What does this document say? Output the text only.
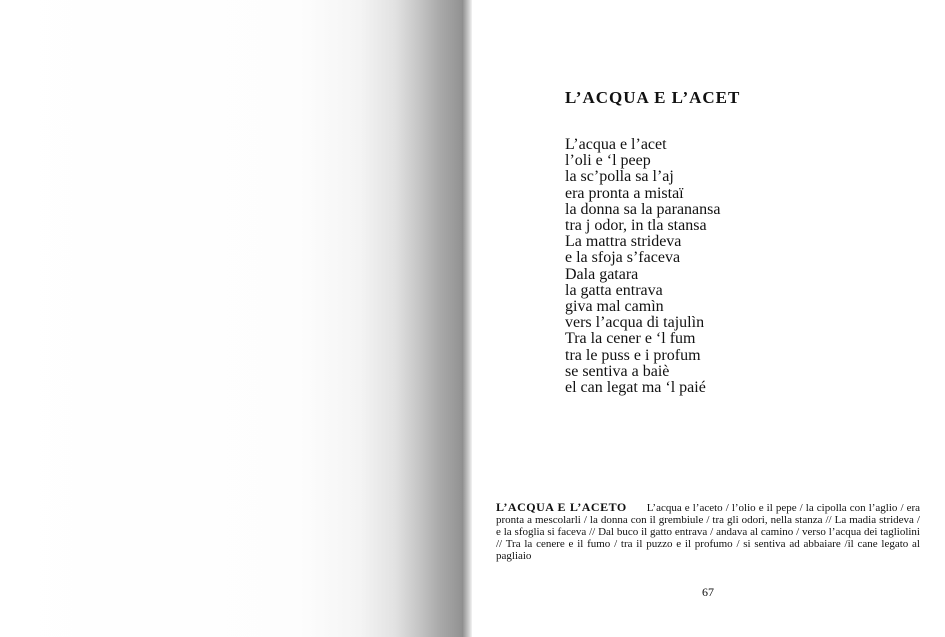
L’ACQUA E L’ACET
L’acqua e l’acet
l’oli e ‘l peep
la sc’polla sa l’aj
era pronta a mistaï
la donna sa la paranansa
tra j odor, in tla stansa
La mattra strideva
e la sfoja s’faceva
Dala gatara
la gatta entrava
giva mal camìn
vers l’acqua di tajulìn
Tra la cener e ‘l fum
tra le puss e i profum
se sentiva a baiè
el can legat ma ‘l paié

L’ACQUA E L’ACETO L’acqua e l’aceto / l’olio e il pepe / la cipolla con l’aglio / era pronta a mescolarli / la donna con il grembiule / tra gli odori, nella stanza // La madia strideva / e la sfoglia si faceva // Dal buco il gatto entrava / andava al camino / verso l’acqua dei tagliolini // Tra la cenere e il fumo / tra il puzzo e il profumo / si sentiva ad abbaiare /il cane legato al pagliaio

67
